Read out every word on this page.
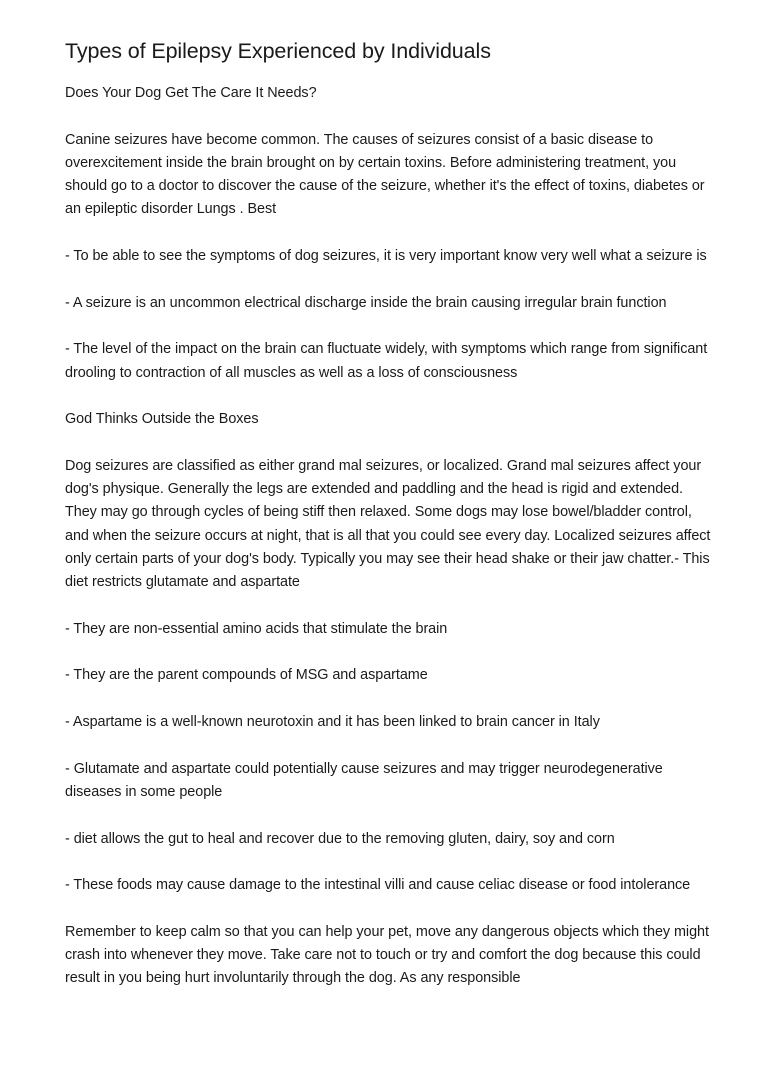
Types of Epilepsy Experienced by Individuals

Does Your Dog Get The Care It Needs?

Canine seizures have become common. The causes of seizures consist of a basic disease to overexcitement inside the brain brought on by certain toxins. Before administering treatment, you should go to a doctor to discover the cause of the seizure, whether it's the effect of toxins, diabetes or an epileptic disorder Lungs . Best

- To be able to see the symptoms of dog seizures, it is very important know very well what a seizure is

- A seizure is an uncommon electrical discharge inside the brain causing irregular brain function

- The level of the impact on the brain can fluctuate widely, with symptoms which range from significant drooling to contraction of all muscles as well as a loss of consciousness

God Thinks Outside the Boxes

Dog seizures are classified as either grand mal seizures, or localized. Grand mal seizures affect your dog's physique. Generally the legs are extended and paddling and the head is rigid and extended. They may go through cycles of being stiff then relaxed. Some dogs may lose bowel/bladder control, and when the seizure occurs at night, that is all that you could see every day. Localized seizures affect only certain parts of your dog's body. Typically you may see their head shake or their jaw chatter.- This diet restricts glutamate and aspartate

- They are non-essential amino acids that stimulate the brain

- They are the parent compounds of MSG and aspartame

- Aspartame is a well-known neurotoxin and it has been linked to brain cancer in Italy

- Glutamate and aspartate could potentially cause seizures and may trigger neurodegenerative diseases in some people

- diet allows the gut to heal and recover due to the removing gluten, dairy, soy and corn

- These foods may cause damage to the intestinal villi and cause celiac disease or food intolerance

Remember to keep calm so that you can help your pet, move any dangerous objects which they might crash into whenever they move. Take care not to touch or try and comfort the dog because this could result in you being hurt involuntarily through the dog. As any responsible
